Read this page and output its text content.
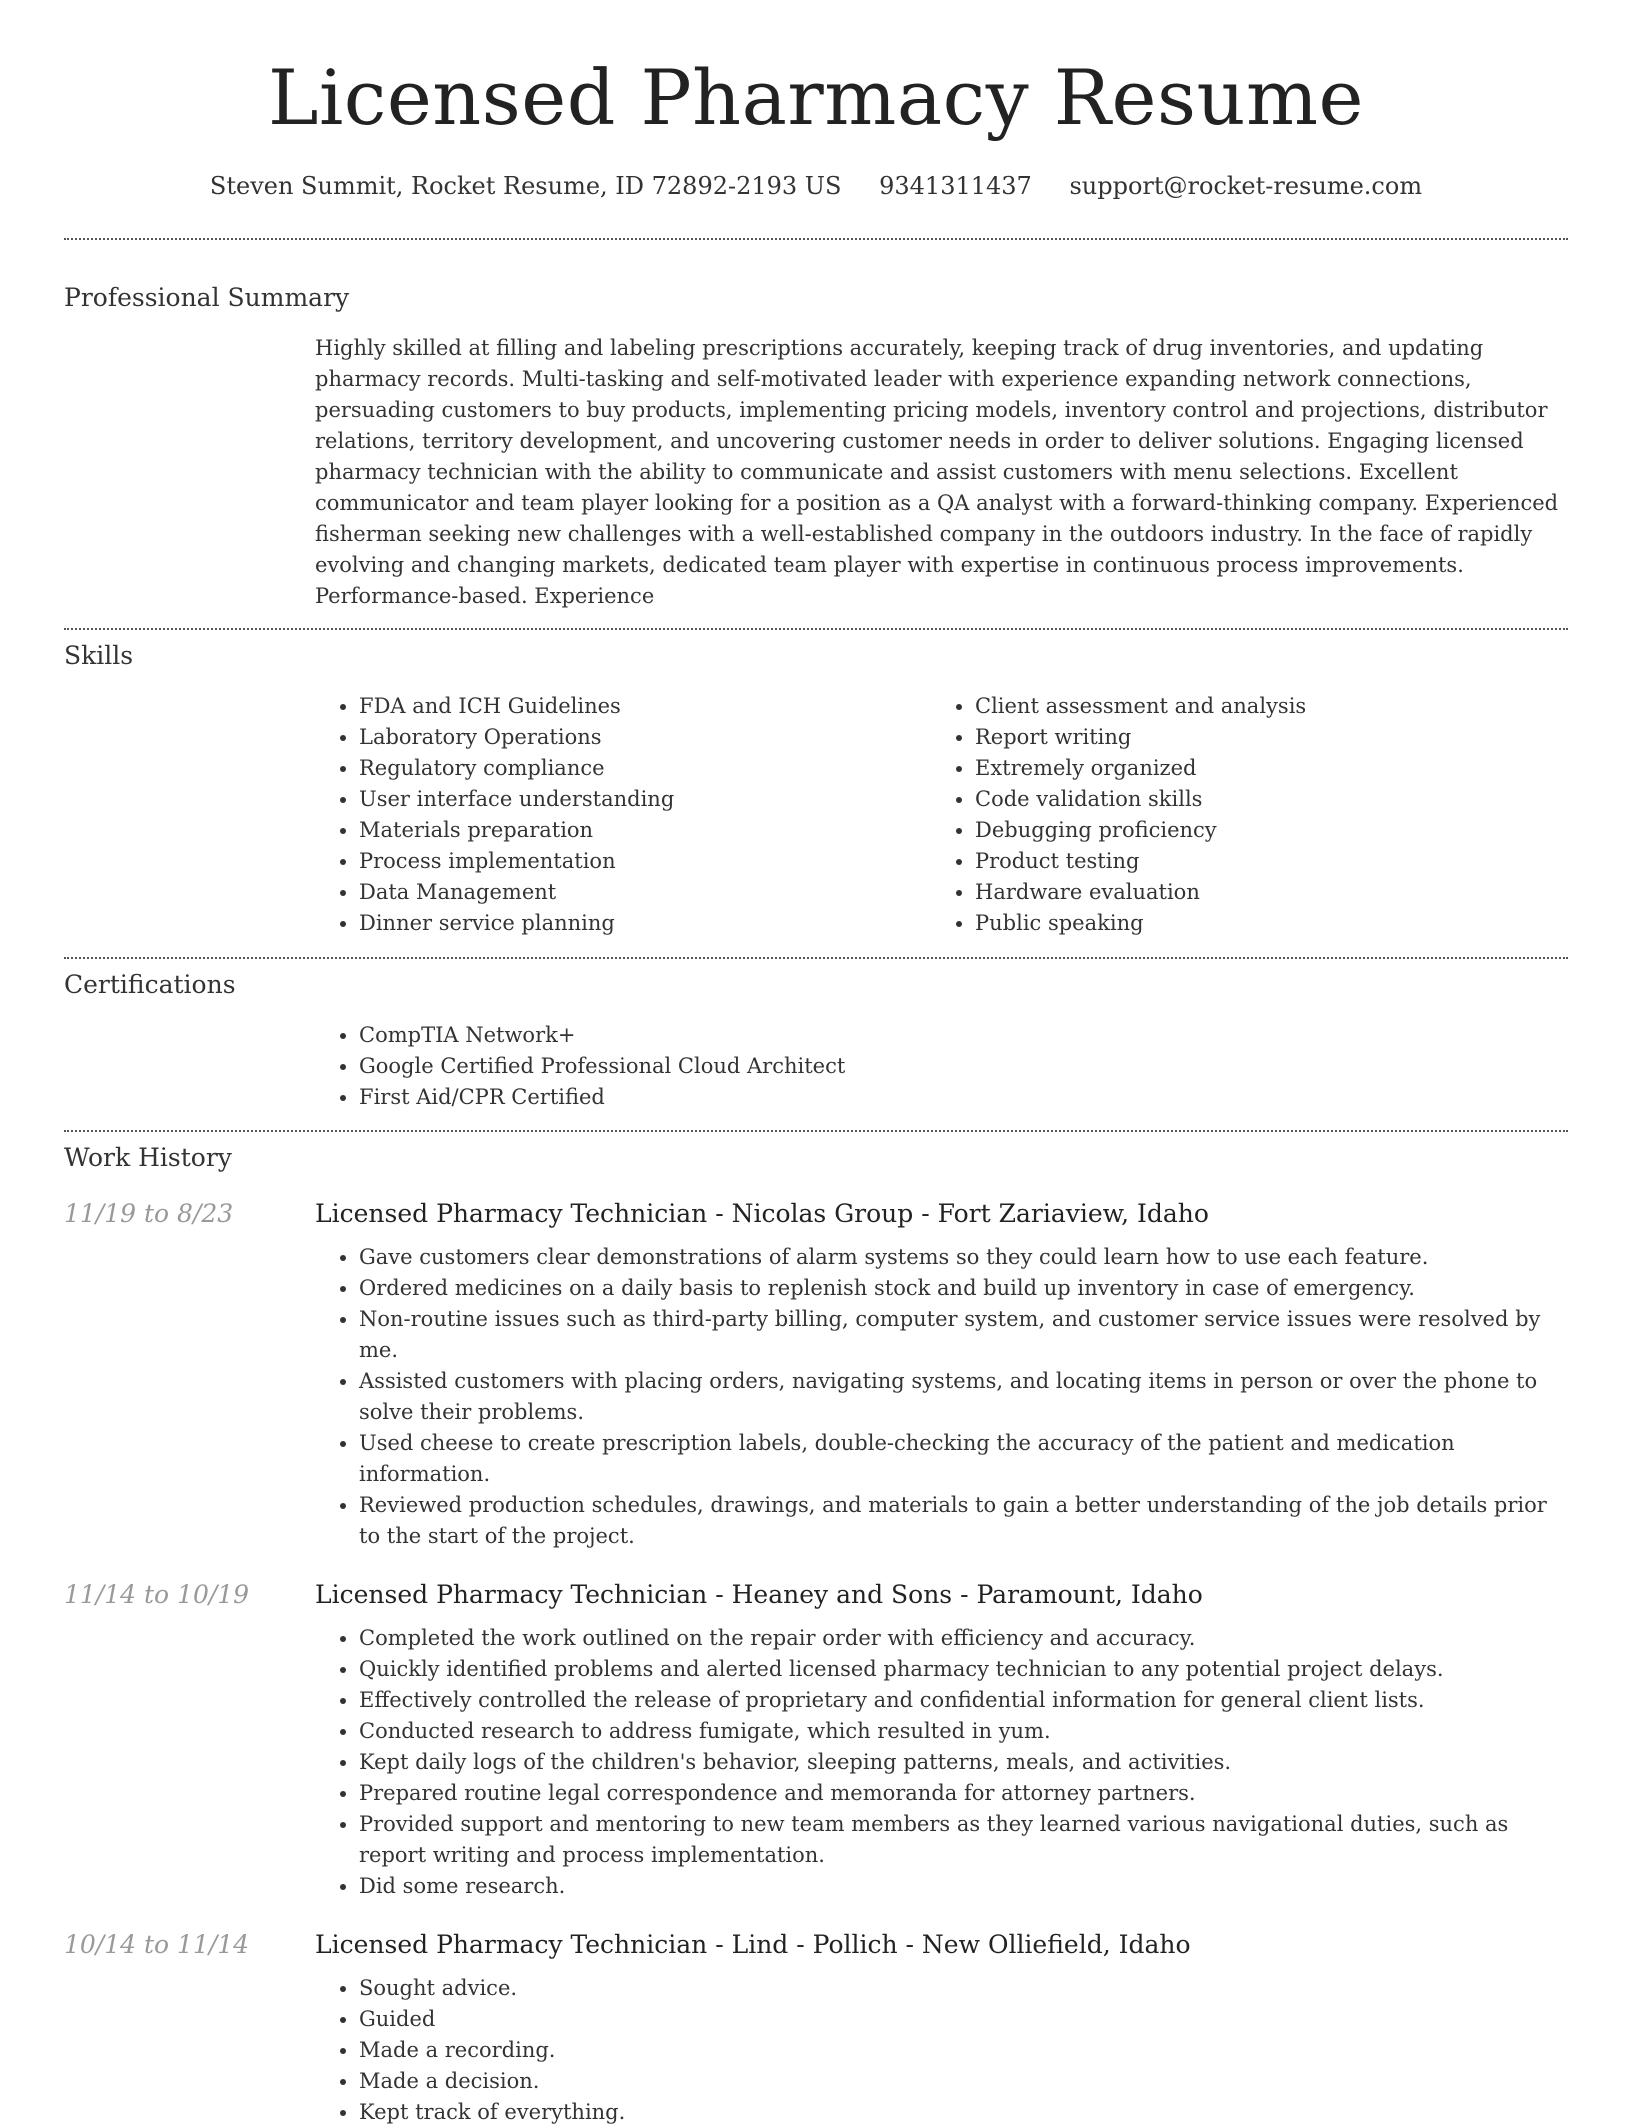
Licensed Pharmacy Resume
Steven Summit, Rocket Resume, ID 72892-2193 US 9341311437 support@rocket-resume.com
Professional Summary

Highly skilled at filling and labeling prescriptions accurately, keeping track of drug inventories, and updating pharmacy records. Multi-tasking and self-motivated leader with experience expanding network connections, persuading customers to buy products, implementing pricing models, inventory control and projections, distributor relations, territory development, and uncovering customer needs in order to deliver solutions. Engaging licensed pharmacy technician with the ability to communicate and assist customers with menu selections. Excellent communicator and team player looking for a position as a QA analyst with a forward-thinking company. Experienced fisherman seeking new challenges with a well-established company in the outdoors industry. In the face of rapidly evolving and changing markets, dedicated team player with expertise in continuous process improvements. Performance-based. Experience

Skills
• FDA and ICH Guidelines
• Laboratory Operations
• Regulatory compliance
• User interface understanding
• Materials preparation
• Process implementation
• Data Management
• Dinner service planning
• Client assessment and analysis
• Report writing
• Extremely organized
• Code validation skills
• Debugging proficiency
• Product testing
• Hardware evaluation
• Public speaking
Certifications
• CompTIA Network+
• Google Certified Professional Cloud Architect
• First Aid/CPR Certified
Work History
11/19 to 8/23	Licensed Pharmacy Technician - Nicolas Group - Fort Zariaview, Idaho
• Gave customers clear demonstrations of alarm systems so they could learn how to use each feature.
• Ordered medicines on a daily basis to replenish stock and build up inventory in case of emergency.
• Non-routine issues such as third-party billing, computer system, and customer service issues were resolved by me.
• Assisted customers with placing orders, navigating systems, and locating items in person or over the phone to solve their problems.
• Used cheese to create prescription labels, double-checking the accuracy of the patient and medication information.
• Reviewed production schedules, drawings, and materials to gain a better understanding of the job details prior to the start of the project.
11/14 to 10/19	Licensed Pharmacy Technician - Heaney and Sons - Paramount, Idaho
• Completed the work outlined on the repair order with efficiency and accuracy.
• Quickly identified problems and alerted licensed pharmacy technician to any potential project delays.
• Effectively controlled the release of proprietary and confidential information for general client lists.
• Conducted research to address fumigate, which resulted in yum.
• Kept daily logs of the children's behavior, sleeping patterns, meals, and activities.
• Prepared routine legal correspondence and memoranda for attorney partners.
• Provided support and mentoring to new team members as they learned various navigational duties, such as report writing and process implementation.
• Did some research.
10/14 to 11/14	Licensed Pharmacy Technician - Lind - Pollich - New Olliefield, Idaho
• Sought advice.
• Guided
• Made a recording.
• Made a decision.
• Kept track of everything.
